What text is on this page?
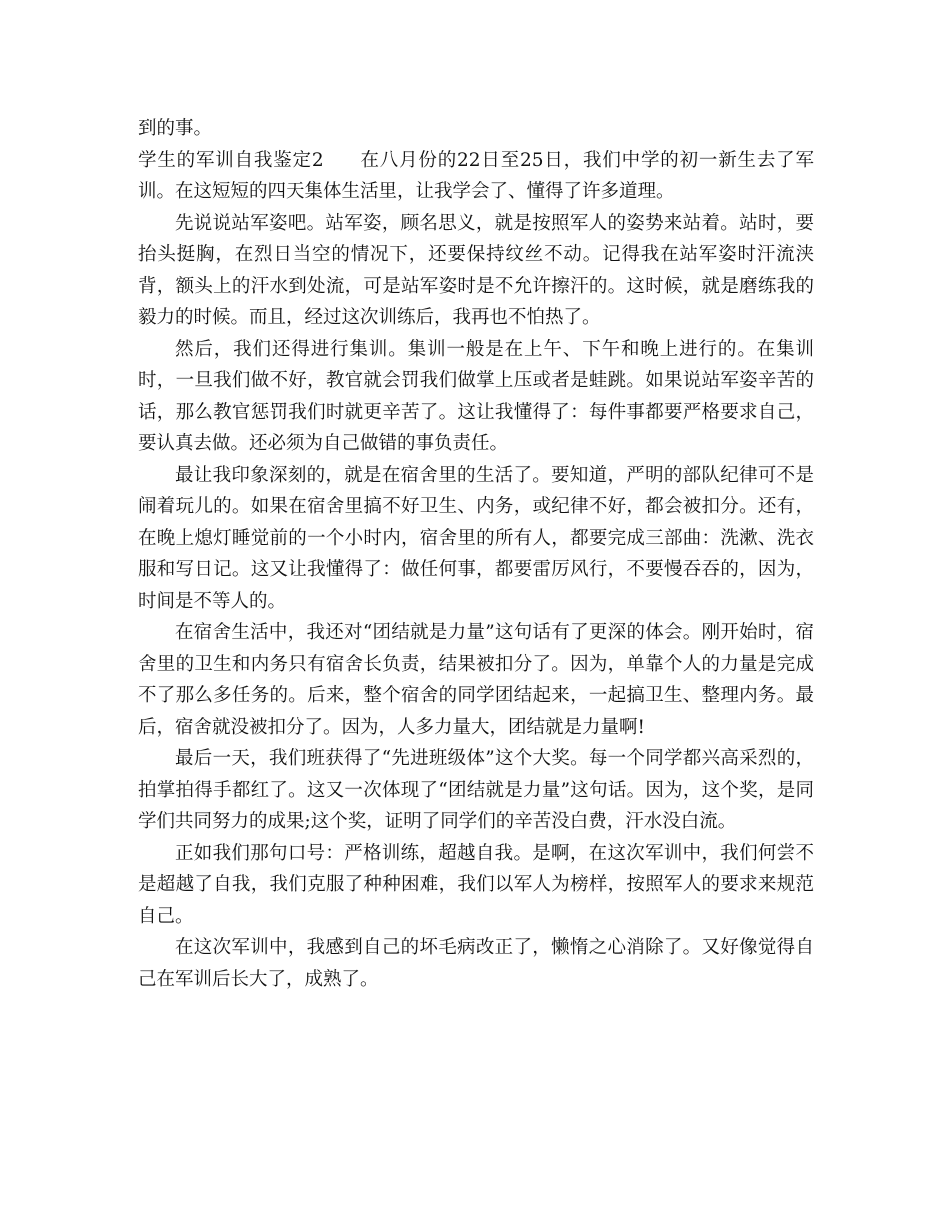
到的事。

学生的军训自我鉴定2 在八月份的22日至25日，我们中学的初一新生去了军训。在这短短的四天集体生活里，让我学会了、懂得了许多道理。

先说说站军姿吧。站军姿，顾名思义，就是按照军人的姿势来站着。站时，要抬头挺胸，在烈日当空的情况下，还要保持纹丝不动。记得我在站军姿时汗流浃背，额头上的汗水到处流，可是站军姿时是不允许擦汗的。这时候，就是磨练我的毅力的时候。而且，经过这次训练后，我再也不怕热了。

然后，我们还得进行集训。集训一般是在上午、下午和晚上进行的。在集训时，一旦我们做不好，教官就会罚我们做掌上压或者是蛙跳。如果说站军姿辛苦的话，那么教官惩罚我们时就更辛苦了。这让我懂得了：每件事都要严格要求自己，要认真去做。还必须为自己做错的事负责任。

最让我印象深刻的，就是在宿舍里的生活了。要知道，严明的部队纪律可不是闹着玩儿的。如果在宿舍里搞不好卫生、内务，或纪律不好，都会被扣分。还有，在晚上熄灯睡觉前的一个小时内，宿舍里的所有人，都要完成三部曲：洗漱、洗衣服和写日记。这又让我懂得了：做任何事，都要雷厉风行，不要慢吞吞的，因为，时间是不等人的。

在宿舍生活中，我还对“团结就是力量”这句话有了更深的体会。刚开始时，宿舍里的卫生和内务只有宿舍长负责，结果被扣分了。因为，单靠个人的力量是完成不了那么多任务的。后来，整个宿舍的同学团结起来，一起搞卫生、整理内务。最后，宿舍就没被扣分了。因为，人多力量大，团结就是力量啊!

最后一天，我们班获得了“先进班级体”这个大奖。每一个同学都兴高采烈的，拍掌拍得手都红了。这又一次体现了“团结就是力量”这句话。因为，这个奖，是同学们共同努力的成果;这个奖，证明了同学们的辛苦没白费，汗水没白流。

正如我们那句口号：严格训练，超越自我。是啊，在这次军训中，我们何尝不是超越了自我，我们克服了种种困难，我们以军人为榜样，按照军人的要求来规范自己。

在这次军训中，我感到自己的坏毛病改正了，懒惰之心消除了。又好像觉得自己在军训后长大了，成熟了。
